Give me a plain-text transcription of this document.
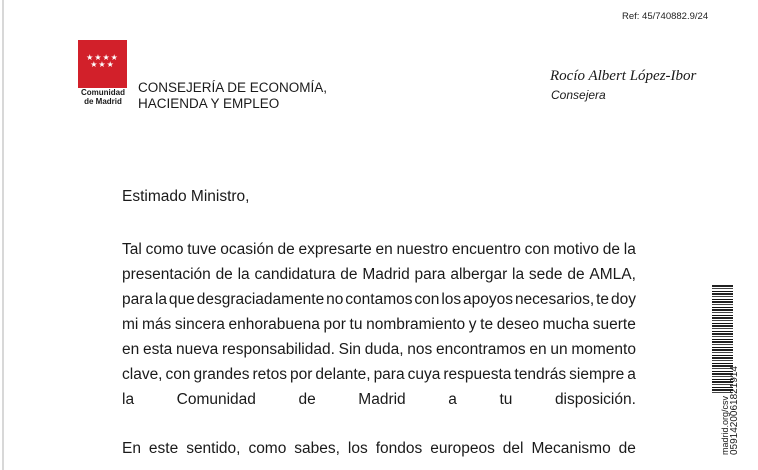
Ref: 45/740882.9/24
★★★★
★★★
Comunidad
de Madrid
CONSEJERÍA DE ECONOMÍA,
HACIENDA Y EMPLEO
Rocío Albert López-Ibor
Consejera
Estimado Ministro,
Tal como tuve ocasión de expresarte en nuestro encuentro con motivo de la
presentación de la candidatura de Madrid para albergar la sede de AMLA,
para la que desgraciadamente no contamos con los apoyos necesarios, te doy
mi más sincera enhorabuena por tu nombramiento y te deseo mucha suerte
en esta nueva responsabilidad. Sin duda, nos encontramos en un momento
clave, con grandes retos por delante, para cuya respuesta tendrás siempre a
la	Comunidad	de	Madrid	a	tu	disposición.
En este sentido, como sabes, los fondos europeos del Mecanismo de	madrid.org/csv 0591420061821914
